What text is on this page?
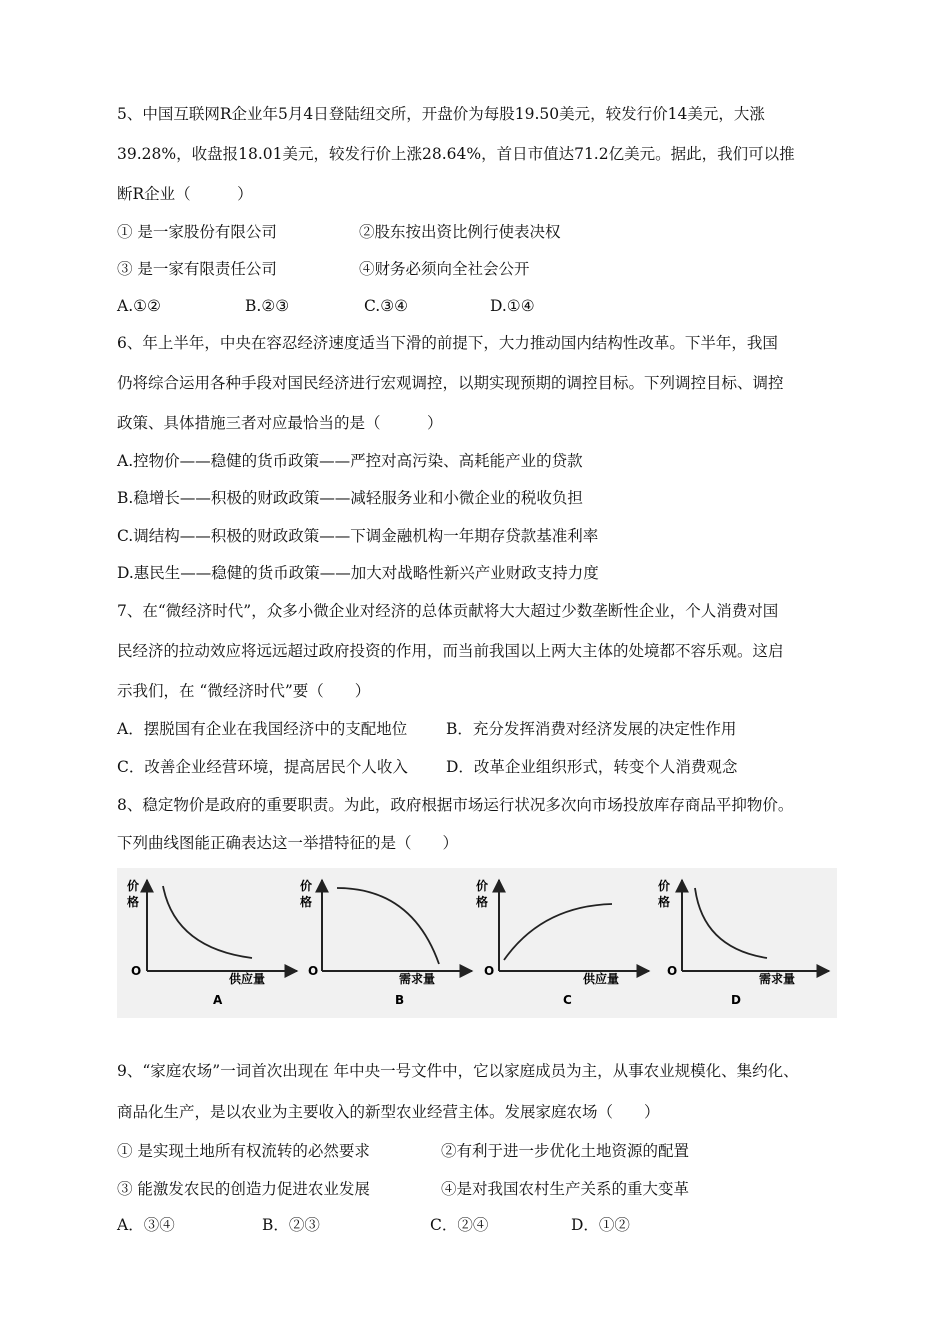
5、中国互联网R企业年5月4日登陆纽交所，开盘价为每股19.50美元，较发行价14美元，大涨
39.28%，收盘报18.01美元，较发行价上涨28.64%，首日市值达71.2亿美元。据此，我们可以推
断R企业（　　　）
① 是一家股份有限公司	②股东按出资比例行使表决权
③ 是一家有限责任公司	④财务必须向全社会公开
A.①②	B.②③	C.③④	D.①④
6、年上半年，中央在容忍经济速度适当下滑的前提下，大力推动国内结构性改革。下半年，我国
仍将综合运用各种手段对国民经济进行宏观调控，以期实现预期的调控目标。下列调控目标、调控
政策、具体措施三者对应最恰当的是（　　　）
A.控物价——稳健的货币政策——严控对高污染、高耗能产业的贷款
B.稳增长——积极的财政政策——减轻服务业和小微企业的税收负担
C.调结构——积极的财政政策——下调金融机构一年期存贷款基准利率
D.惠民生——稳健的货币政策——加大对战略性新兴产业财政支持力度
7、在“微经济时代”，众多小微企业对经济的总体贡献将大大超过少数垄断性企业，个人消费对国
民经济的拉动效应将远远超过政府投资的作用，而当前我国以上两大主体的处境都不容乐观。这启
示我们，在 “微经济时代”要（　　）
A．摆脱国有企业在我国经济中的支配地位	B．充分发挥消费对经济发展的决定性作用
C．改善企业经营环境，提高居民个人收入 D．改革企业组织形式，转变个人消费观念
8、稳定物价是政府的重要职责。为此，政府根据市场运行状况多次向市场投放库存商品平抑物价。
下列曲线图能正确表达这一举措特征的是（　　）
价
格
O
供应量
A
价
格
O
需求量
B
价
格
O
供应量
C
价
格
O
需求量
D
9、“家庭农场”一词首次出现在 年中央一号文件中，它以家庭成员为主，从事农业规模化、集约化、
商品化生产，是以农业为主要收入的新型农业经营主体。发展家庭农场（　　）
① 是实现土地所有权流转的必然要求	②有利于进一步优化土地资源的配置
③ 能激发农民的创造力促进农业发展	④是对我国农村生产关系的重大变革
A．③④	B．②③	C．②④	D．①②
